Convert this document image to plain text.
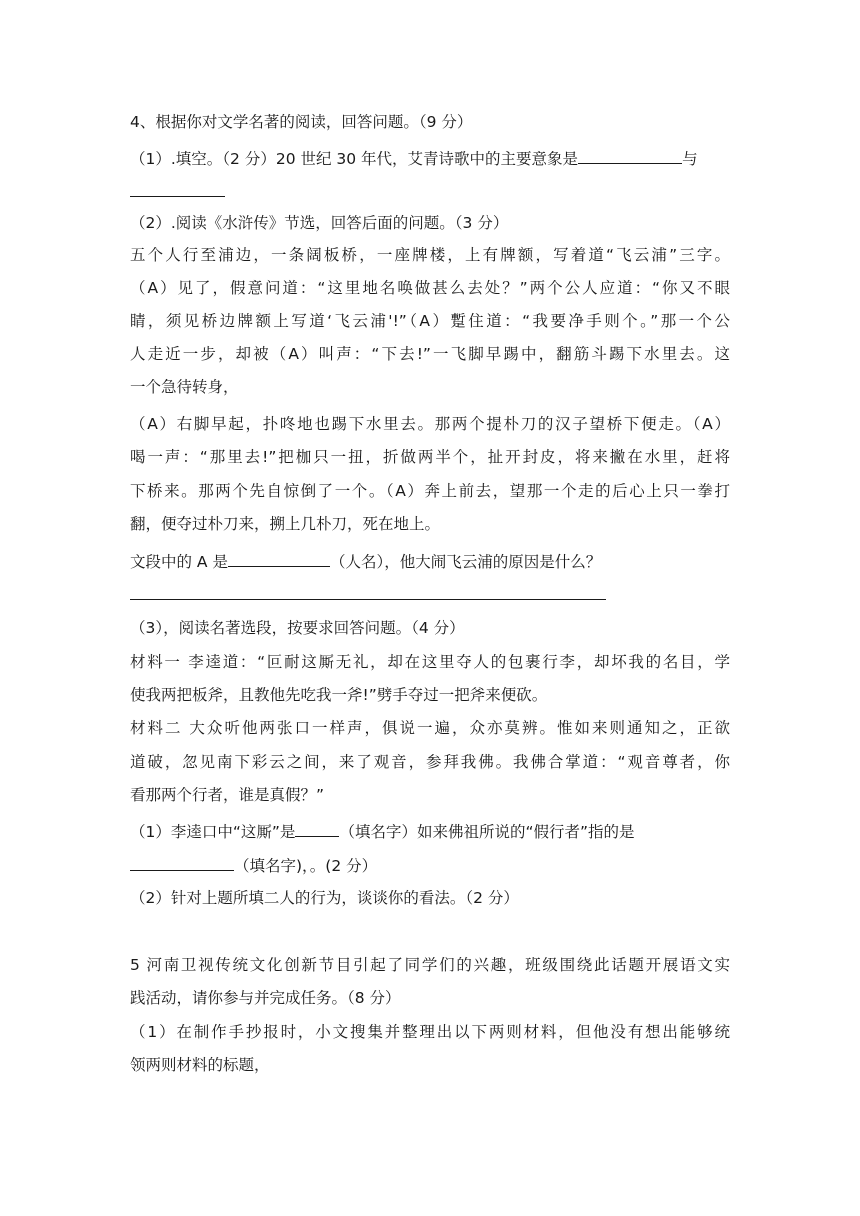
4、根据你对文学名著的阅读，回答问题。（9 分）
（1）.填空。（2 分）20 世纪 30 年代，艾青诗歌中的主要意象是	与
（2）.阅读《水浒传》节选，回答后面的问题。（3 分）
五个人行至浦边，一条阔板桥，一座牌楼，上有牌额，写着道“飞云浦”三字。
（A）见了，假意问道：“这里地名唤做甚么去处？”两个公人应道：“你又不眼
睛，须见桥边牌额上写道‘飞云浦'!”（A）蹔住道：“我要净手则个。”那一个公
人走近一步，却被（A）叫声：“下去!”一飞脚早踢中，翻筋斗踢下水里去。这
一个急待转身，
（A）右脚早起，扑咚地也踢下水里去。那两个提朴刀的汉子望桥下便走。（A）
喝一声：“那里去!”把枷只一扭，折做两半个，扯开封皮，将来撇在水里，赶将
下桥来。那两个先自惊倒了一个。（A）奔上前去，望那一个走的后心上只一拳打
翻，便夺过朴刀来，搠上几朴刀，死在地上。
文段中的 A 是	（人名），他大闹飞云浦的原因是什么？
（3），阅读名著选段，按要求回答问题。（4 分）
材料一 李逵道：“叵耐这厮无礼，却在这里夺人的包裹行李，却坏我的名目，学
使我两把板斧，且教他先吃我一斧!”劈手夺过一把斧来便砍。
材料二 大众听他两张口一样声，俱说一遍，众亦莫辨。惟如来则通知之，正欲
道破，忽见南下彩云之间，来了观音，参拜我佛。我佛合掌道：“观音尊者，你
看那两个行者，谁是真假？”
（1）李逵口中“这厮”是	（填名字）如来佛祖所说的“假行者”指的是
（填名字)，。(2 分）
（2）针对上题所填二人的行为，谈谈你的看法。（2 分）
5 河南卫视传统文化创新节目引起了同学们的兴趣，班级围绕此话题开展语文实
践活动，请你参与并完成任务。（8 分）
（1）在制作手抄报时，小文搜集并整理出以下两则材料，但他没有想出能够统
领两则材料的标题，
